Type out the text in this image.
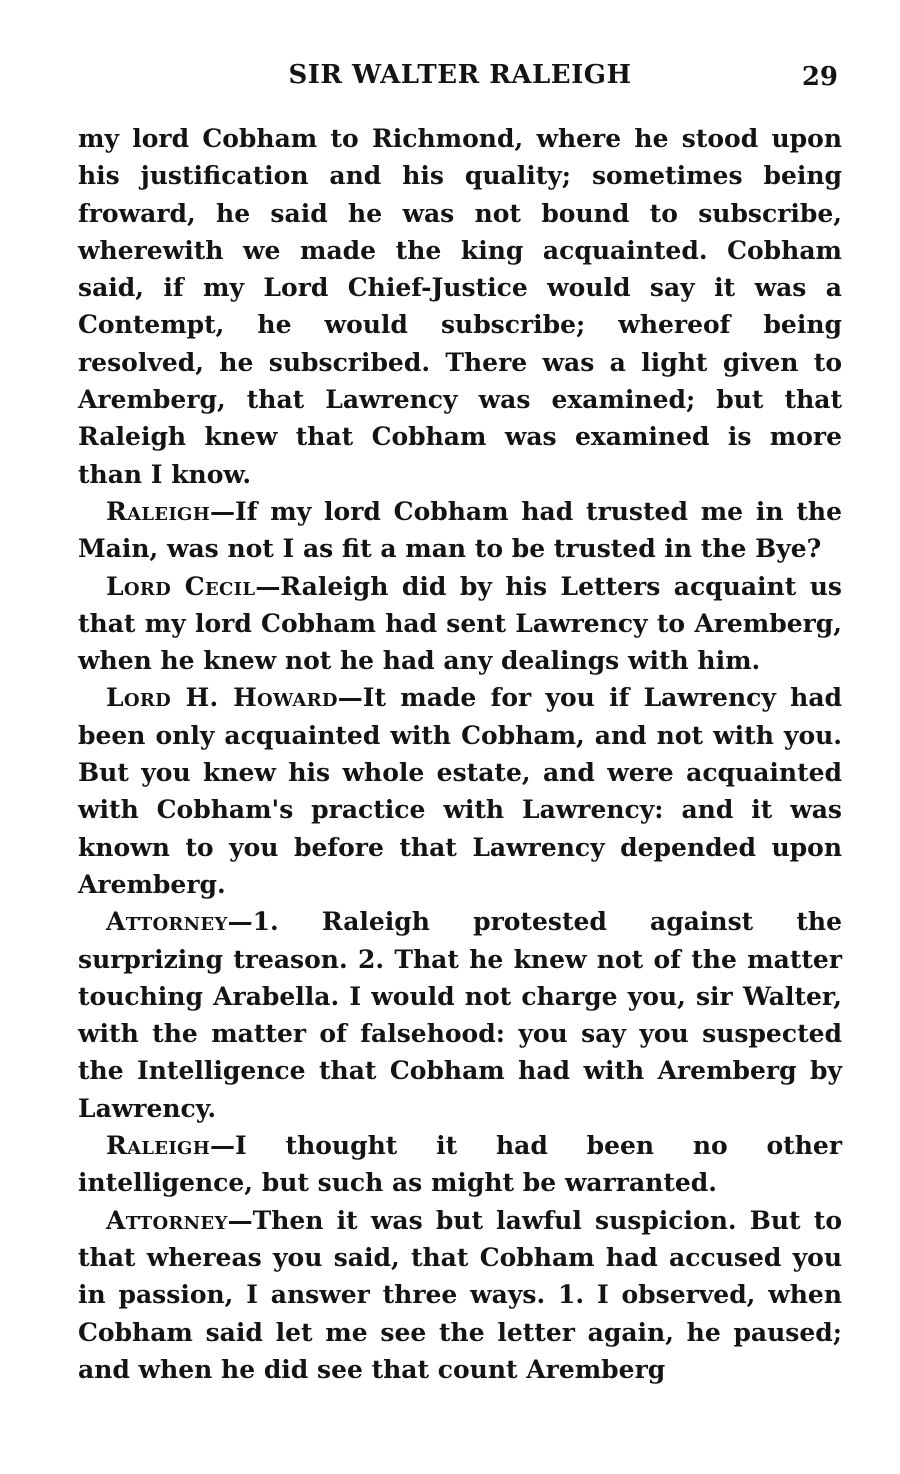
SIR WALTER RALEIGH	29

my lord Cobham to Richmond, where he stood upon his justification and his quality; sometimes being froward, he said he was not bound to subscribe, wherewith we made the king acquainted. Cobham said, if my Lord Chief-Justice would say it was a Contempt, he would subscribe; whereof being resolved, he subscribed. There was a light given to Aremberg, that Lawrency was examined; but that Raleigh knew that Cobham was examined is more than I know.

Raleigh—If my lord Cobham had trusted me in the Main, was not I as fit a man to be trusted in the Bye?

Lord Cecil—Raleigh did by his Letters acquaint us that my lord Cobham had sent Lawrency to Aremberg, when he knew not he had any dealings with him.

Lord H. Howard—It made for you if Lawrency had been only acquainted with Cobham, and not with you. But you knew his whole estate, and were acquainted with Cobham's practice with Lawrency: and it was known to you before that Lawrency depended upon Aremberg.

Attorney—1. Raleigh protested against the surprizing treason. 2. That he knew not of the matter touching Arabella. I would not charge you, sir Walter, with the matter of falsehood: you say you suspected the Intelligence that Cobham had with Aremberg by Lawrency.

Raleigh—I thought it had been no other intelligence, but such as might be warranted.

Attorney—Then it was but lawful suspicion. But to that whereas you said, that Cobham had accused you in passion, I answer three ways. 1. I observed, when Cobham said let me see the letter again, he paused; and when he did see that count Aremberg
